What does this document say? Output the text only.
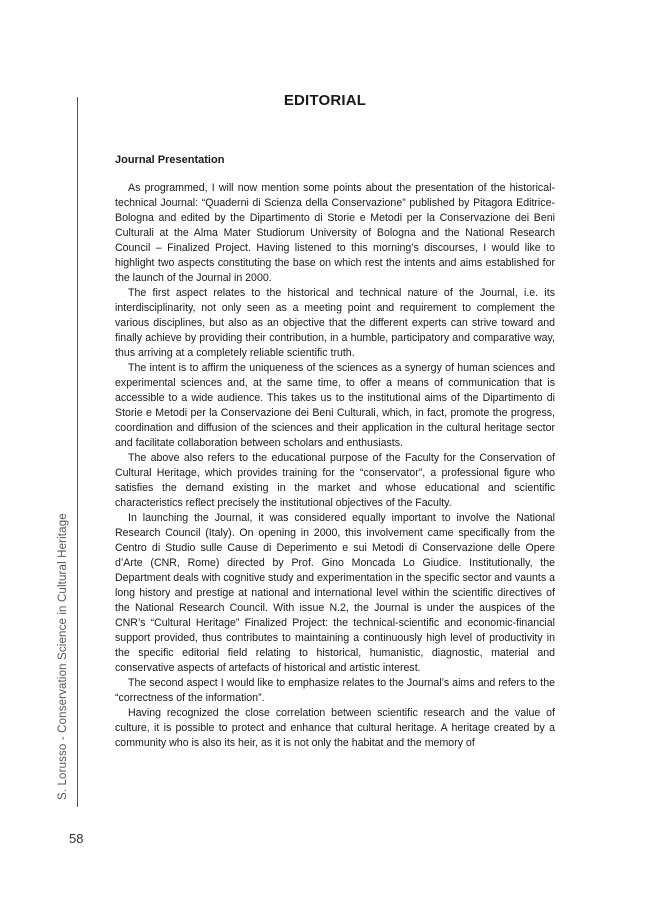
S. Lorusso - Conservation Science in Cultural Heritage
58
EDITORIAL
Journal Presentation

As programmed, I will now mention some points about the presentation of the historical-technical Journal: “Quaderni di Scienza della Conservazione” published by Pitagora Editrice-Bologna and edited by the Dipartimento di Storie e Metodi per la Conservazione dei Beni Culturali at the Alma Mater Studiorum University of Bologna and the National Research Council – Finalized Project. Having listened to this morning’s discourses, I would like to highlight two aspects constituting the base on which rest the intents and aims established for the launch of the Journal in 2000.

The first aspect relates to the historical and technical nature of the Journal, i.e. its interdisciplinarity, not only seen as a meeting point and requirement to complement the various disciplines, but also as an objective that the different experts can strive toward and finally achieve by providing their contribution, in a humble, participatory and comparative way, thus arriving at a completely reliable scientific truth.

The intent is to affirm the uniqueness of the sciences as a synergy of human sciences and experimental sciences and, at the same time, to offer a means of communication that is accessible to a wide audience. This takes us to the institutional aims of the Dipartimento di Storie e Metodi per la Conservazione dei Beni Culturali, which, in fact, promote the progress, coordination and diffusion of the sciences and their application in the cultural heritage sector and facilitate collaboration between scholars and enthusiasts.

The above also refers to the educational purpose of the Faculty for the Conservation of Cultural Heritage, which provides training for the “conservator”, a professional figure who satisfies the demand existing in the market and whose educational and scientific characteristics reflect precisely the institutional objectives of the Faculty.

In launching the Journal, it was considered equally important to involve the National Research Council (Italy). On opening in 2000, this involvement came specifically from the Centro di Studio sulle Cause di Deperimento e sui Metodi di Conservazione delle Opere d’Arte (CNR, Rome) directed by Prof. Gino Moncada Lo Giudice. Institutionally, the Department deals with cognitive study and experimentation in the specific sector and vaunts a long history and prestige at national and international level within the scientific directives of the National Research Council. With issue N.2, the Journal is under the auspices of the CNR’s “Cultural Heritage” Finalized Project: the technical-scientific and economic-financial support provided, thus contributes to maintaining a continuously high level of productivity in the specific editorial field relating to historical, humanistic, diagnostic, material and conservative aspects of artefacts of historical and artistic interest.

The second aspect I would like to emphasize relates to the Journal’s aims and refers to the “correctness of the information”.

Having recognized the close correlation between scientific research and the value of culture, it is possible to protect and enhance that cultural heritage. A heritage created by a community who is also its heir, as it is not only the habitat and the memory of
